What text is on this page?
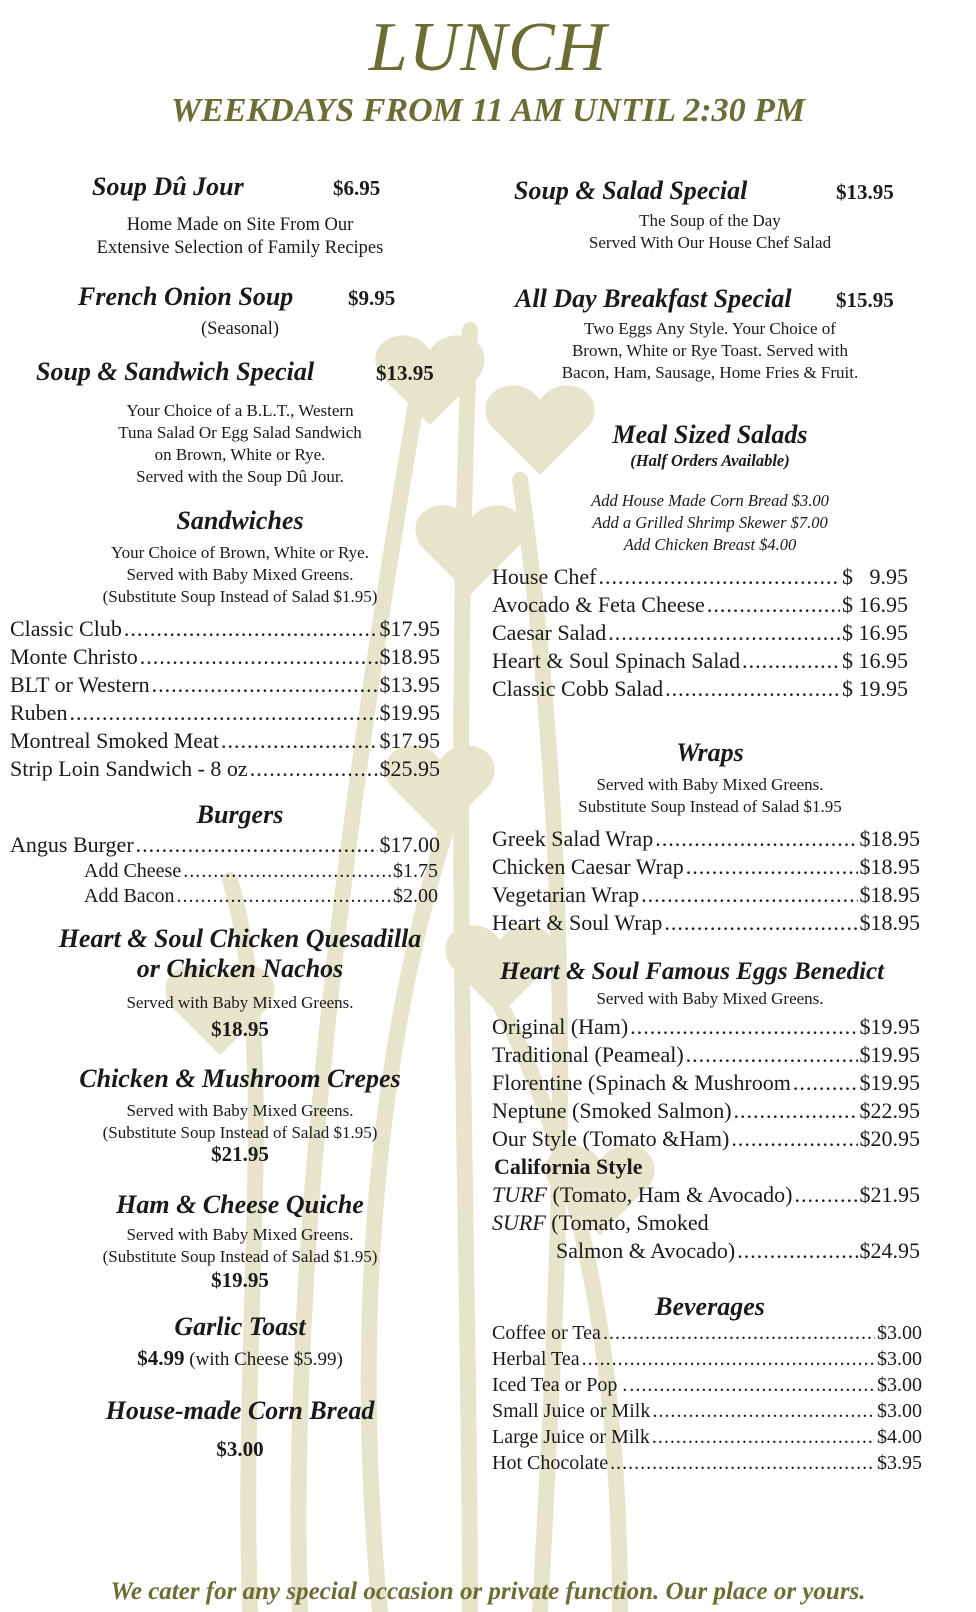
LUNCH
WEEKDAYS FROM 11 AM UNTIL 2:30 PM
Soup Dû Jour	$6.95
Home Made on Site From Our
Extensive Selection of Family Recipes
French Onion Soup	$9.95
(Seasonal)
Soup & Sandwich Special	$13.95
Your Choice of a B.L.T., Western
Tuna Salad Or Egg Salad Sandwich
on Brown, White or Rye.
Served with the Soup Dû Jour.
Sandwiches
Your Choice of Brown, White or Rye.
Served with Baby Mixed Greens.
(Substitute Soup Instead of Salad $1.95)
Classic Club .....	$17.95
Monte Christo .....	$18.95
BLT or Western .....	$13.95
Ruben .....	$19.95
Montreal Smoked Meat .....	$17.95
Strip Loin Sandwich - 8 oz .....	$25.95
Burgers
Angus Burger .....	$17.00
Add Cheese .....	$1.75
Add Bacon .....	$2.00
Heart & Soul Chicken Quesadilla
or Chicken Nachos
Served with Baby Mixed Greens.
$18.95
Chicken & Mushroom Crepes
Served with Baby Mixed Greens.
(Substitute Soup Instead of Salad $1.95)
$21.95
Ham & Cheese Quiche
Served with Baby Mixed Greens.
(Substitute Soup Instead of Salad $1.95)
$19.95
Garlic Toast
$4.99 (with Cheese $5.99)
House-made Corn Bread
$3.00
Soup & Salad Special	$13.95
The Soup of the Day
Served With Our House Chef Salad
All Day Breakfast Special $15.95
Two Eggs Any Style. Your Choice of
Brown, White or Rye Toast. Served with
Bacon, Ham, Sausage, Home Fries & Fruit.
Meal Sized Salads
(Half Orders Available)
Add House Made Corn Bread $3.00
Add a Grilled Shrimp Skewer $7.00
Add Chicken Breast $4.00
House Chef .....	$   9.95
Avocado & Feta Cheese .....	$ 16.95
Caesar Salad .....	$ 16.95
Heart & Soul Spinach Salad .....	$ 16.95
Classic Cobb Salad .....	$ 19.95
Wraps
Served with Baby Mixed Greens.
Substitute Soup Instead of Salad $1.95
Greek Salad Wrap .....	$18.95
Chicken Caesar Wrap .....	$18.95
Vegetarian Wrap .....	$18.95
Heart & Soul Wrap .....	$18.95
Heart & Soul Famous Eggs Benedict
Served with Baby Mixed Greens.
Original (Ham) .....	$19.95
Traditional (Peameal) .....	$19.95
Florentine (Spinach & Mushroom .....	$19.95
Neptune (Smoked Salmon) .....	$22.95
Our Style (Tomato &Ham) .....	$20.95
California Style
TURF (Tomato, Ham & Avocado) .....	$21.95
SURF (Tomato, Smoked
Salmon & Avocado) .....	$24.95
Beverages
Coffee or Tea .....	$3.00
Herbal Tea .....	$3.00
Iced Tea or Pop . .....	$3.00
Small Juice or Milk .....	$3.00
Large Juice or Milk .....	$4.00
Hot Chocolate .....	$3.95
We cater for any special occasion or private function. Our place or yours.
